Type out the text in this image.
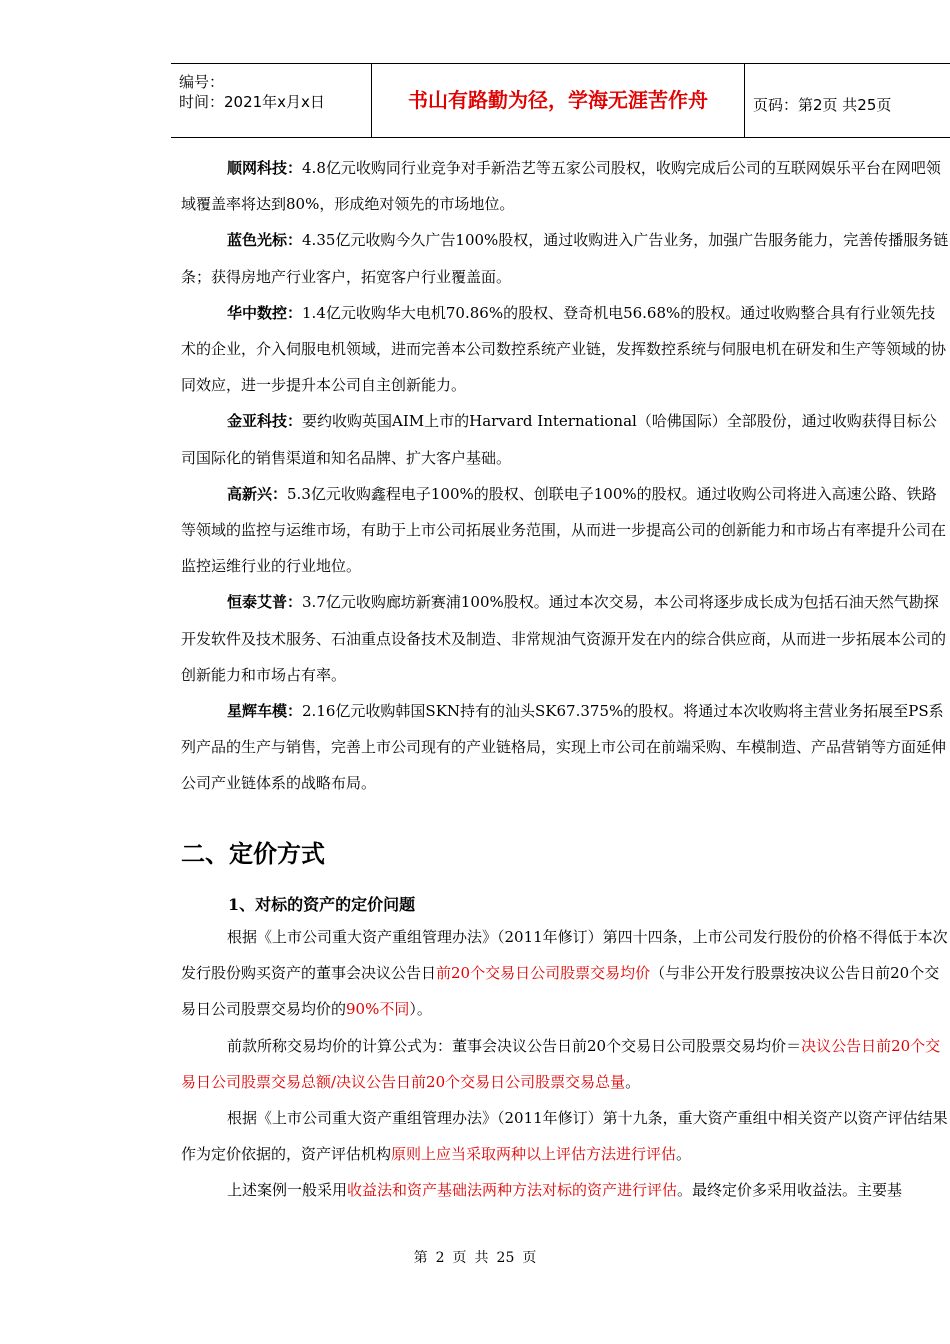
编号：
时间：2021年x月x日	书山有路勤为径，学海无涯苦作舟	页码：第2页 共25页

顺网科技：4.8亿元收购同行业竞争对手新浩艺等五家公司股权，收购完成后公司的互联网娱乐平台在网吧领域覆盖率将达到80%，形成绝对领先的市场地位。

蓝色光标：4.35亿元收购今久广告100%股权，通过收购进入广告业务，加强广告服务能力，完善传播服务链条；获得房地产行业客户，拓宽客户行业覆盖面。

华中数控：1.4亿元收购华大电机70.86%的股权、登奇机电56.68%的股权。通过收购整合具有行业领先技术的企业，介入伺服电机领域，进而完善本公司数控系统产业链，发挥数控系统与伺服电机在研发和生产等领域的协同效应，进一步提升本公司自主创新能力。

金亚科技：要约收购英国AIM上市的Harvard International（哈佛国际）全部股份，通过收购获得目标公司国际化的销售渠道和知名品牌、扩大客户基础。

高新兴：5.3亿元收购鑫程电子100%的股权、创联电子100%的股权。通过收购公司将进入高速公路、铁路等领域的监控与运维市场，有助于上市公司拓展业务范围，从而进一步提高公司的创新能力和市场占有率提升公司在监控运维行业的行业地位。

恒泰艾普：3.7亿元收购廊坊新赛浦100%股权。通过本次交易，本公司将逐步成长成为包括石油天然气勘探开发软件及技术服务、石油重点设备技术及制造、非常规油气资源开发在内的综合供应商，从而进一步拓展本公司的创新能力和市场占有率。

星辉车模：2.16亿元收购韩国SKN持有的汕头SK67.375%的股权。将通过本次收购将主营业务拓展至PS系列产品的生产与销售，完善上市公司现有的产业链格局，实现上市公司在前端采购、车模制造、产品营销等方面延伸公司产业链体系的战略布局。

二、定价方式
1、对标的资产的定价问题

根据《上市公司重大资产重组管理办法》（2011年修订）第四十四条，上市公司发行股份的价格不得低于本次发行股份购买资产的董事会决议公告日前20个交易日公司股票交易均价（与非公开发行股票按决议公告日前20个交易日公司股票交易均价的90%不同）。

前款所称交易均价的计算公式为：董事会决议公告日前20个交易日公司股票交易均价＝决议公告日前20个交易日公司股票交易总额/决议公告日前20个交易日公司股票交易总量。

根据《上市公司重大资产重组管理办法》（2011年修订）第十九条，重大资产重组中相关资产以资产评估结果作为定价依据的，资产评估机构原则上应当采取两种以上评估方法进行评估。

上述案例一般采用收益法和资产基础法两种方法对标的资产进行评估。最终定价多采用收益法。主要基

第 2 页 共 25 页
